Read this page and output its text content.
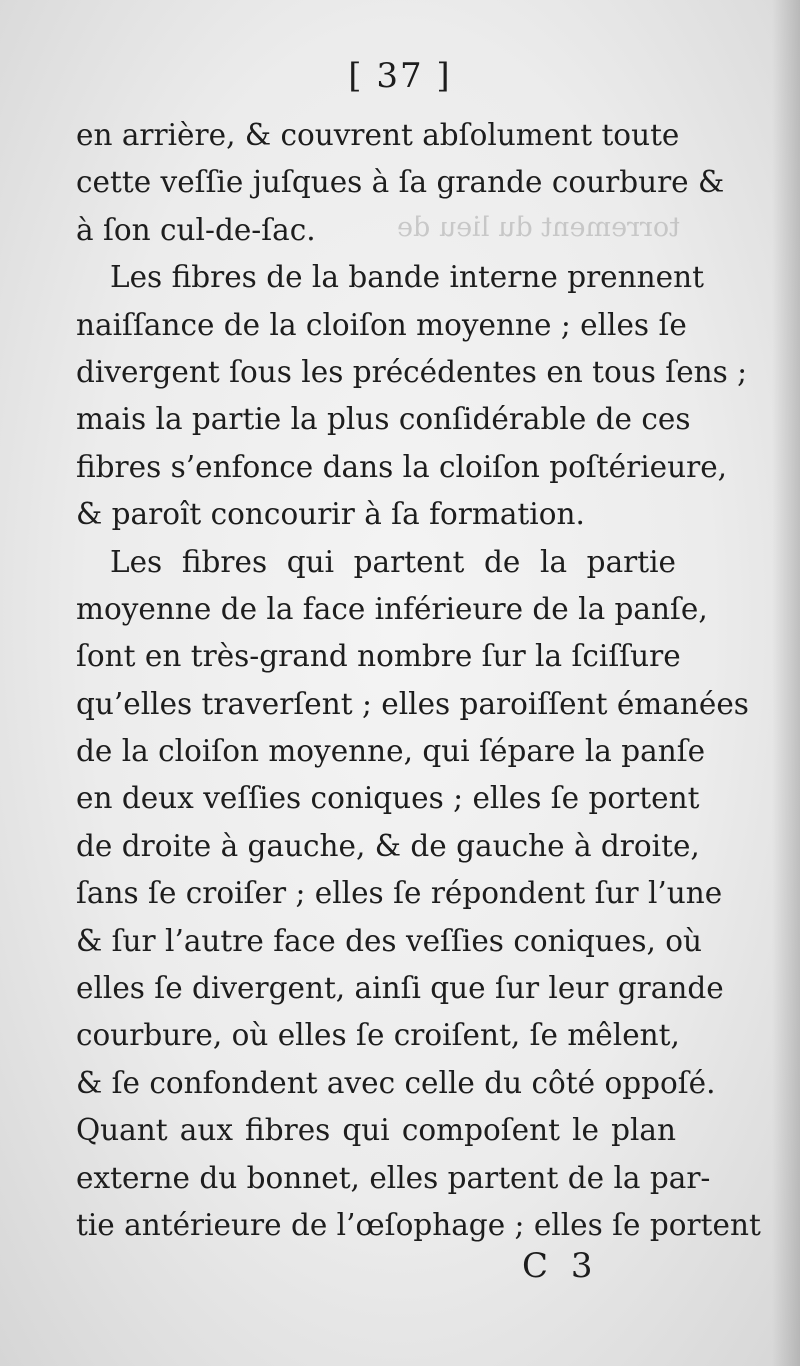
torrement du lieu de
[ 37 ]
en arrière, & couvrent abſolument toute
cette veſſie juſques à ſa grande courbure &
à ſon cul-de-ſac.
Les fibres de la bande interne prennent
naiſſance de la cloiſon moyenne ; elles ſe
divergent ſous les précédentes en tous ſens ;
mais la partie la plus conſidérable de ces
fibres s’enfonce dans la cloiſon poſtérieure,
& paroît concourir à ſa formation.
Les fibres qui partent de la partie
moyenne de la face inférieure de la panſe,
ſont en très-grand nombre ſur la ſciſſure
qu’elles traverſent ; elles paroiſſent émanées
de la cloiſon moyenne, qui ſépare la panſe
en deux veſſies coniques ; elles ſe portent
de droite à gauche, & de gauche à droite,
ſans ſe croiſer ; elles ſe répondent ſur l’une
& ſur l’autre face des veſſies coniques, où
elles ſe divergent, ainſi que ſur leur grande
courbure, où elles ſe croiſent, ſe mêlent,
& ſe confondent avec celle du côté oppoſé.
Quant aux fibres qui compoſent le plan
externe du bonnet, elles partent de la par-
tie antérieure de l’œſophage ; elles ſe portent
C 3
